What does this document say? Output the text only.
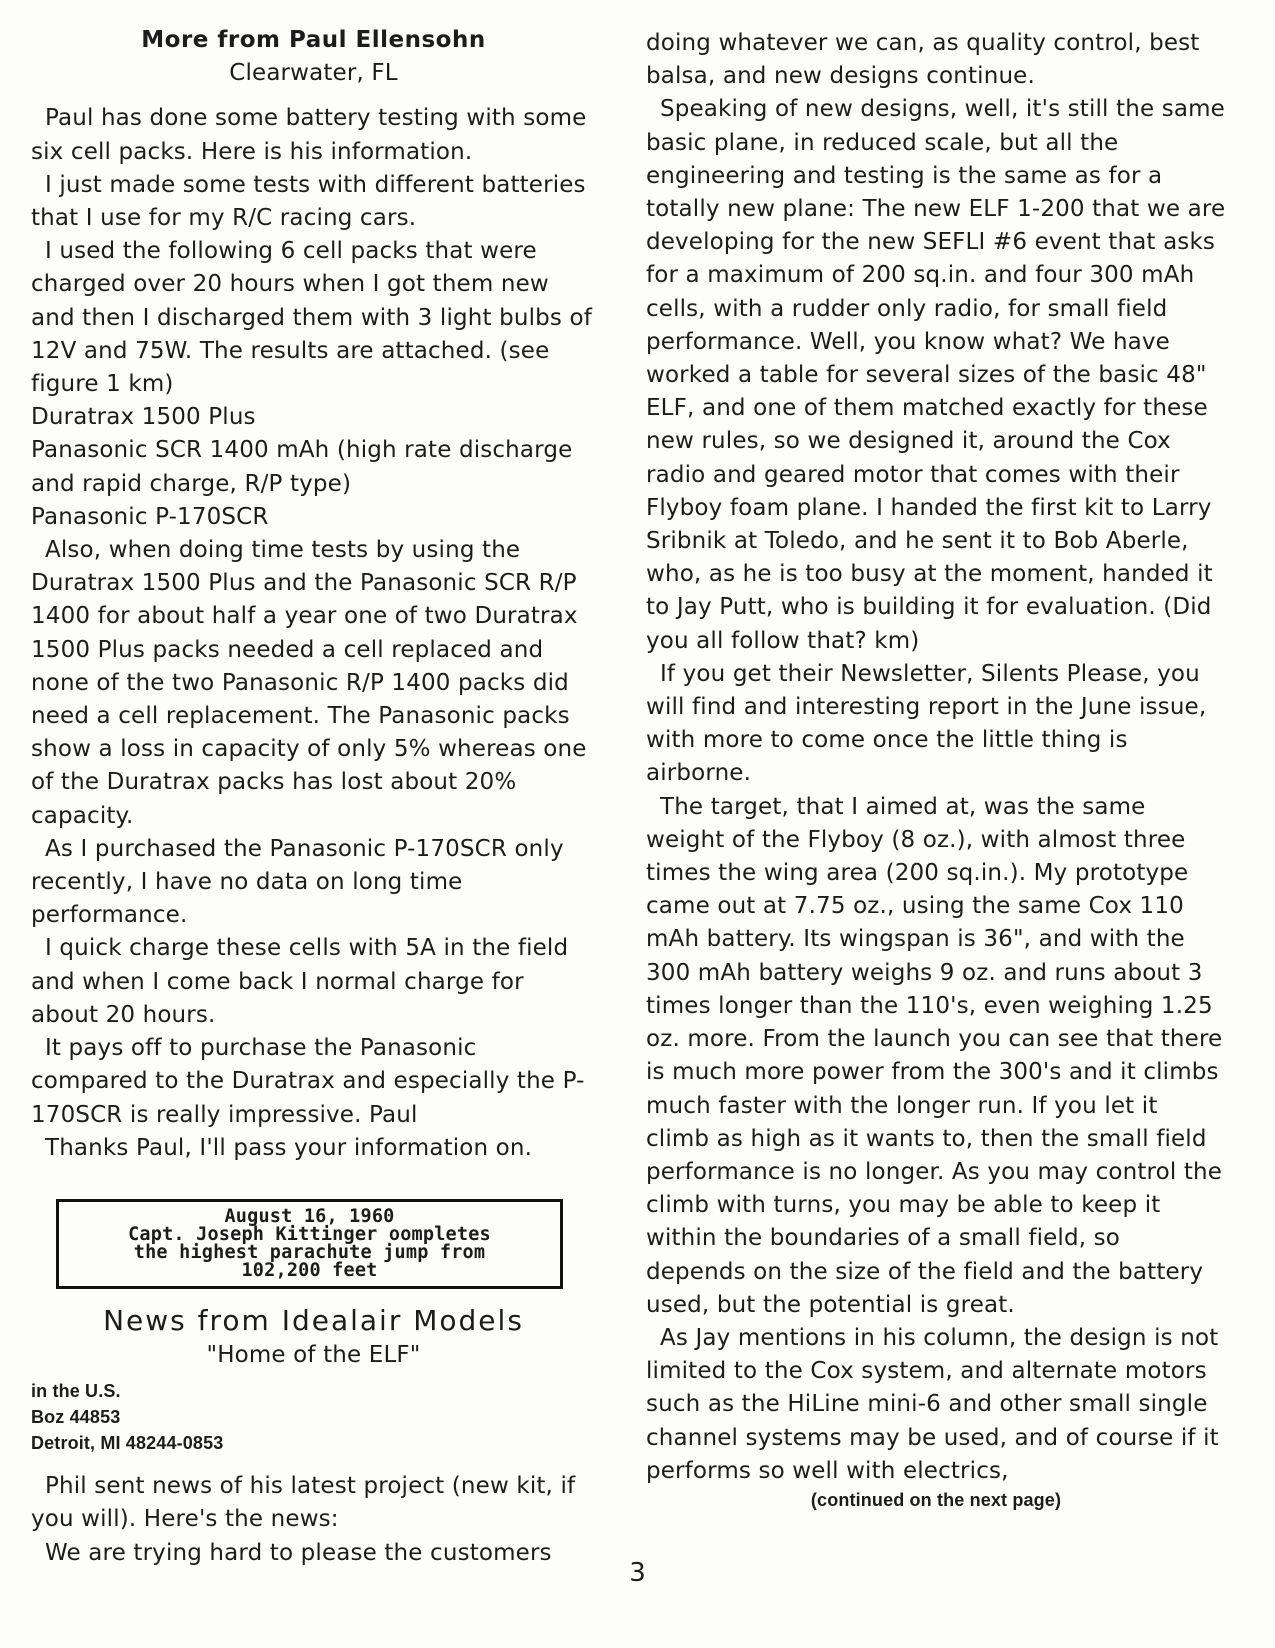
More from Paul Ellensohn
Clearwater, FL

Paul has done some battery testing with some six cell packs. Here is his information.

I just made some tests with different batteries that I use for my R/C racing cars.

I used the following 6 cell packs that were charged over 20 hours when I got them new and then I discharged them with 3 light bulbs of 12V and 75W. The results are attached. (see figure 1 km)

Duratrax 1500 Plus

Panasonic SCR 1400 mAh (high rate discharge and rapid charge, R/P type)

Panasonic P-170SCR

Also, when doing time tests by using the Duratrax 1500 Plus and the Panasonic SCR R/P 1400 for about half a year one of two Duratrax 1500 Plus packs needed a cell replaced and none of the two Panasonic R/P 1400 packs did need a cell replacement. The Panasonic packs show a loss in capacity of only 5% whereas one of the Duratrax packs has lost about 20% capacity.

As I purchased the Panasonic P-170SCR only recently, I have no data on long time performance.

I quick charge these cells with 5A in the field and when I come back I normal charge for about 20 hours.

It pays off to purchase the Panasonic compared to the Duratrax and especially the P-170SCR is really impressive. Paul

Thanks Paul, I'll pass your information on.

August 16, 1960
Capt. Joseph Kittinger oompletes
the highest parachute jump from
102,200 feet
News from Idealair Models
"Home of the ELF"
in the U.S.
Boz 44853
Detroit, MI 48244-0853

Phil sent news of his latest project (new kit, if you will). Here's the news:

We are trying hard to please the customers

doing whatever we can, as quality control, best balsa, and new designs continue.

Speaking of new designs, well, it's still the same basic plane, in reduced scale, but all the engineering and testing is the same as for a totally new plane: The new ELF 1-200 that we are developing for the new SEFLI #6 event that asks for a maximum of 200 sq.in. and four 300 mAh cells, with a rudder only radio, for small field performance. Well, you know what? We have worked a table for several sizes of the basic 48" ELF, and one of them matched exactly for these new rules, so we designed it, around the Cox radio and geared motor that comes with their Flyboy foam plane. I handed the first kit to Larry Sribnik at Toledo, and he sent it to Bob Aberle, who, as he is too busy at the moment, handed it to Jay Putt, who is building it for evaluation. (Did you all follow that? km)

If you get their Newsletter, Silents Please, you will find and interesting report in the June issue, with more to come once the little thing is airborne.

The target, that I aimed at, was the same weight of the Flyboy (8 oz.), with almost three times the wing area (200 sq.in.). My prototype came out at 7.75 oz., using the same Cox 110 mAh battery. Its wingspan is 36", and with the 300 mAh battery weighs 9 oz. and runs about 3 times longer than the 110's, even weighing 1.25 oz. more. From the launch you can see that there is much more power from the 300's and it climbs much faster with the longer run. If you let it climb as high as it wants to, then the small field performance is no longer. As you may control the climb with turns, you may be able to keep it within the boundaries of a small field, so depends on the size of the field and the battery used, but the potential is great.

As Jay mentions in his column, the design is not limited to the Cox system, and alternate motors such as the HiLine mini-6 and other small single channel systems may be used, and of course if it performs so well with electrics,

(continued on the next page)
3
